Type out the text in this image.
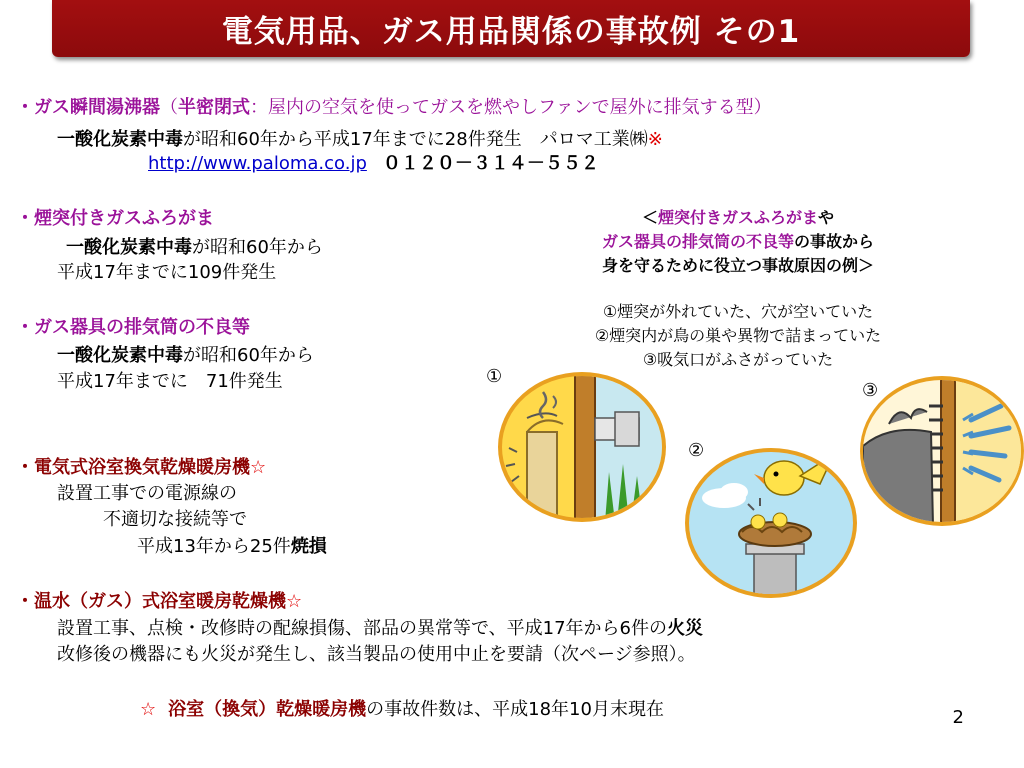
電気用品、ガス用品関係の事故例 その1
・ガス瞬間湯沸器（半密閉式：屋内の空気を使ってガスを燃やしファンで屋外に排気する型）
一酸化炭素中毒が昭和60年から平成17年までに28件発生　パロマ工業㈱※
http://www.paloma.co.jp ０１２０－３１４－５５２
・煙突付きガスふろがま
一酸化炭素中毒が昭和60年から
平成17年までに109件発生
・ガス器具の排気筒の不良等
一酸化炭素中毒が昭和60年から
平成17年までに　71件発生
・電気式浴室換気乾燥暖房機☆
設置工事での電源線の
不適切な接続等で
平成13年から25件焼損
・温水（ガス）式浴室暖房乾燥機☆
設置工事、点検・改修時の配線損傷、部品の異常等で、平成17年から6件の火災
改修後の機器にも火災が発生し、該当製品の使用中止を要請（次ページ参照）。
☆ 浴室（換気）乾燥暖房機の事故件数は、平成18年10月末現在
＜煙突付きガスふろがまや
ガス器具の排気筒の不良等の事故から
身を守るために役立つ事故原因の例＞
①煙突が外れていた、穴が空いていた
②煙突内が鳥の巣や異物で詰まっていた
③吸気口がふさがっていた
①
②
③
2
